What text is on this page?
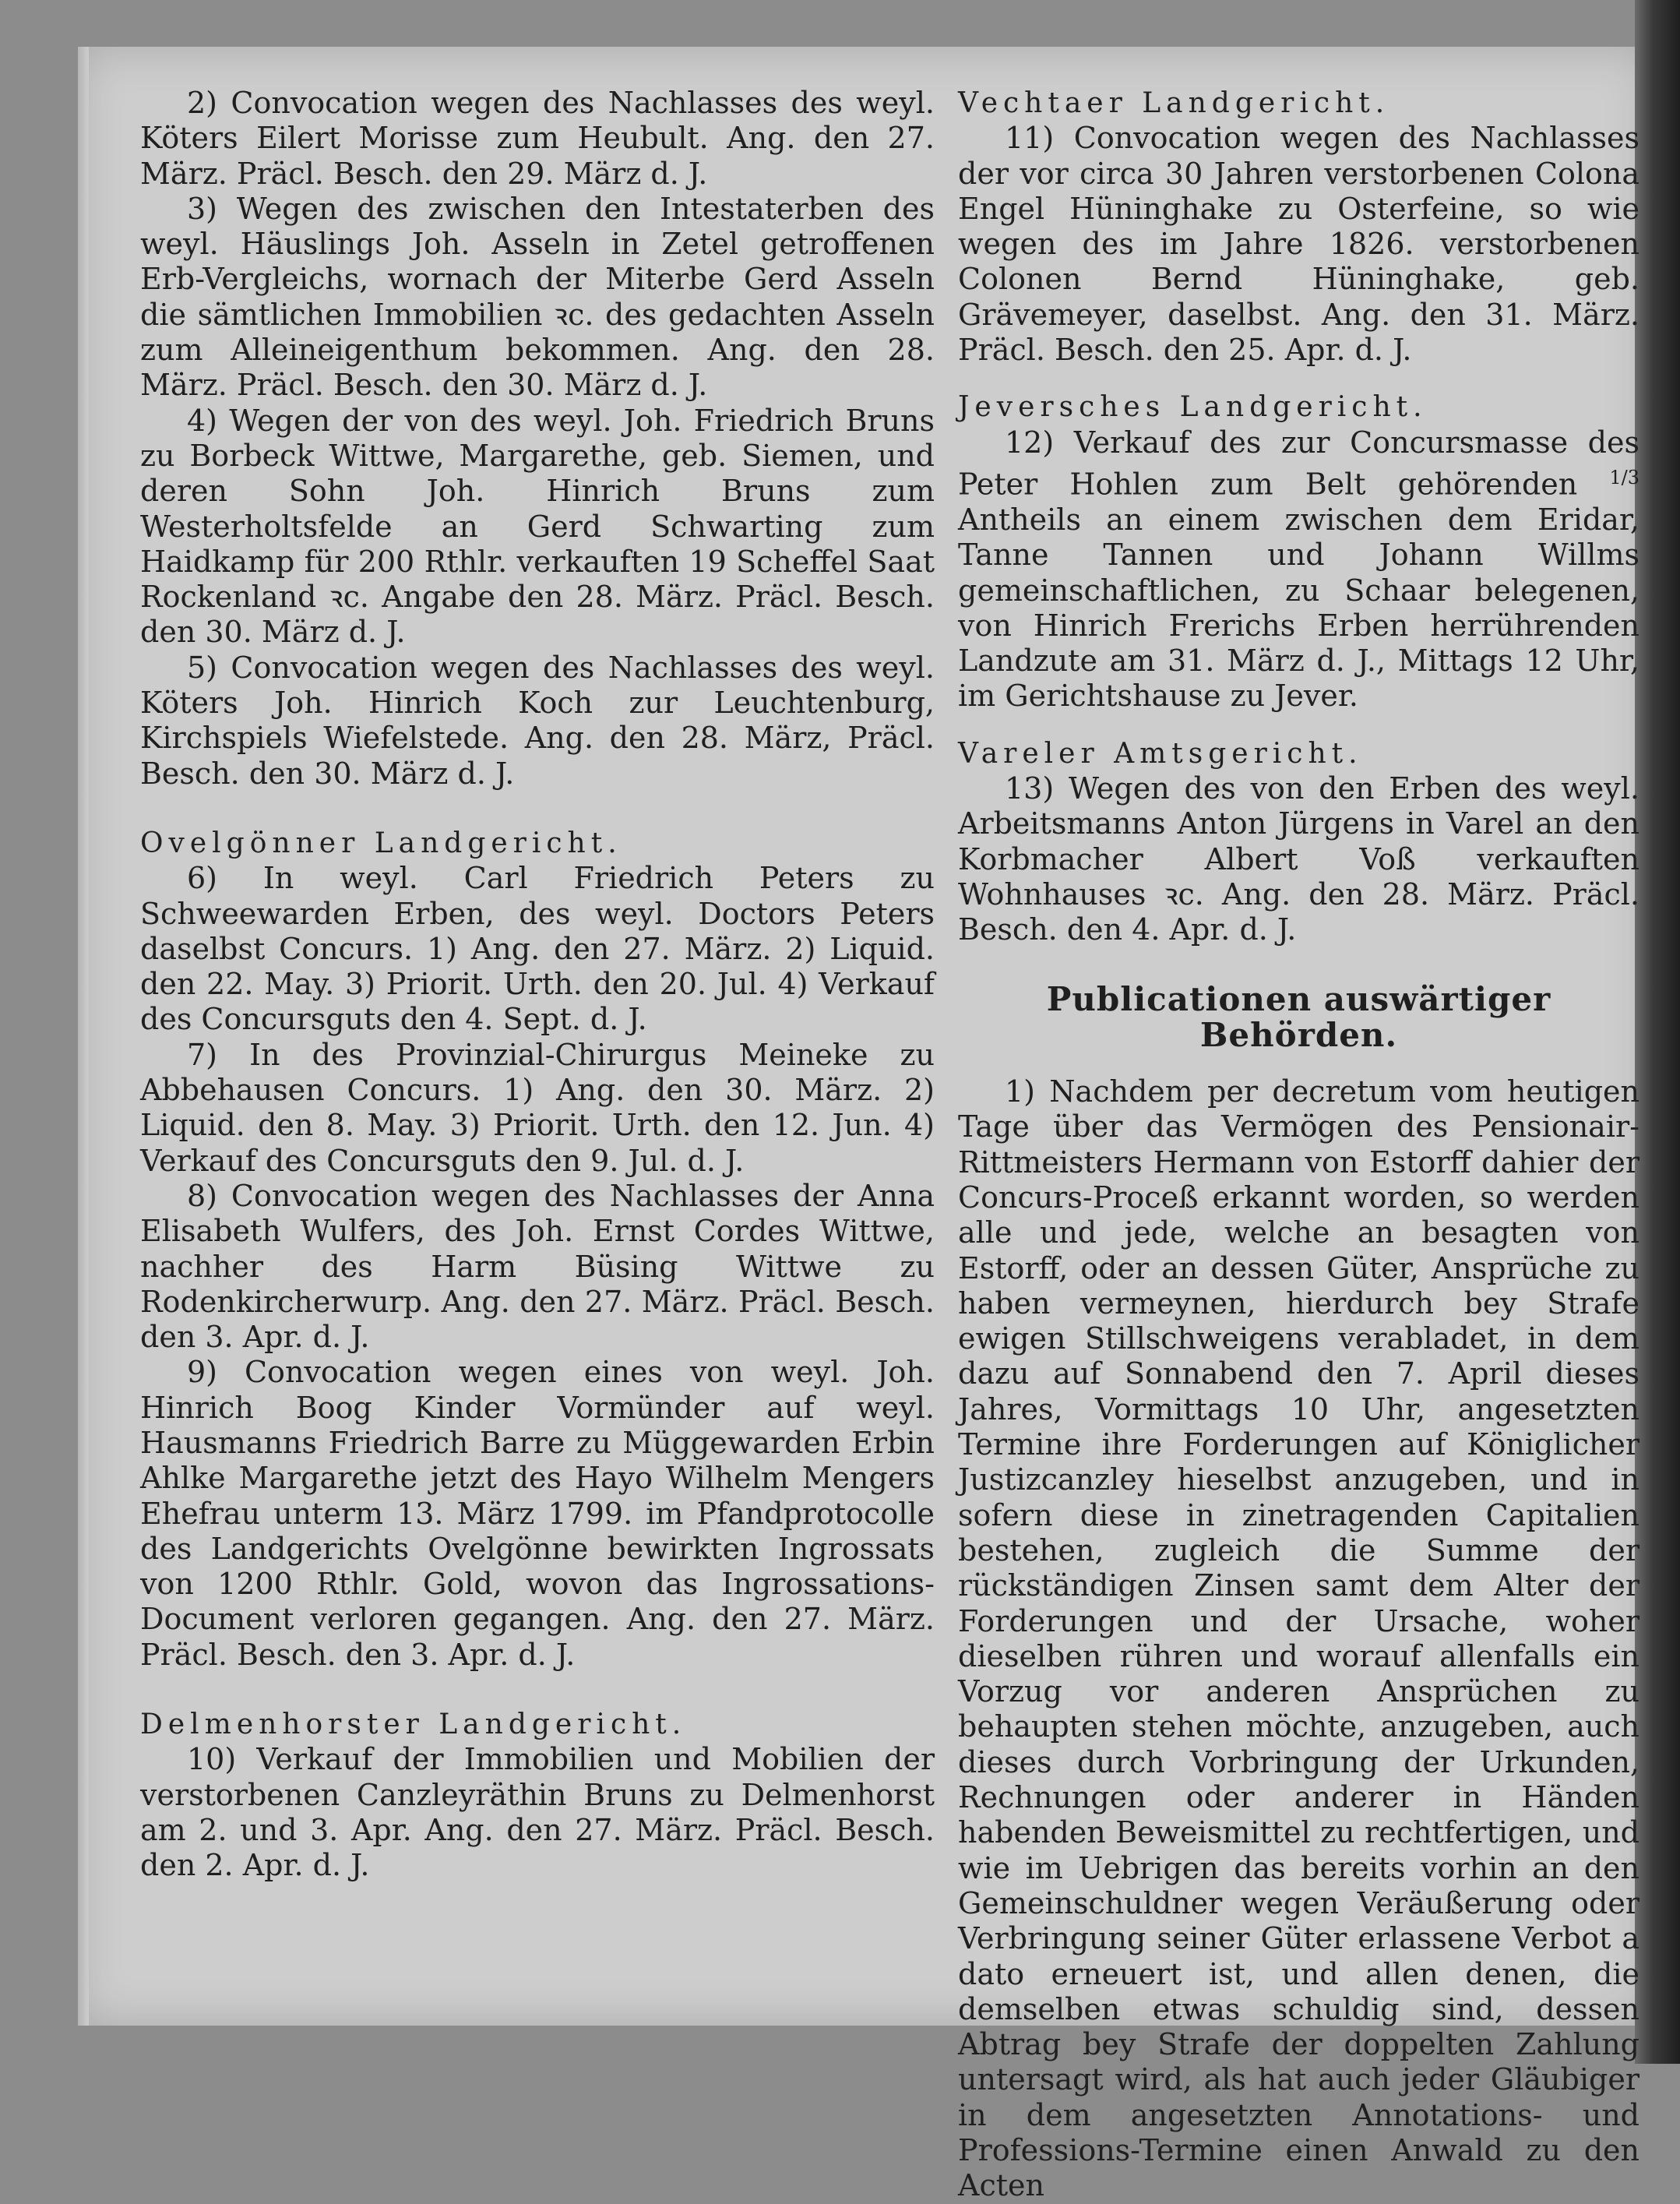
2) Convocation wegen des Nachlasses des weyl. Köters Eilert Morisse zum Heubult. Ang. den 27. März. Präcl. Besch. den 29. März d. J.

3) Wegen des zwischen den Intestaterben des weyl. Häuslings Joh. Asseln in Zetel getroffenen Erb-Vergleichs, wornach der Miterbe Gerd Asseln die sämtlichen Immobilien ꝛc. des gedachten Asseln zum Alleineigenthum bekommen. Ang. den 28. März. Präcl. Besch. den 30. März d. J.

4) Wegen der von des weyl. Joh. Friedrich Bruns zu Borbeck Wittwe, Margarethe, geb. Siemen, und deren Sohn Joh. Hinrich Bruns zum Westerholtsfelde an Gerd Schwarting zum Haidkamp für 200 Rthlr. verkauften 19 Scheffel Saat Rockenland ꝛc. Angabe den 28. März. Präcl. Besch. den 30. März d. J.

5) Convocation wegen des Nachlasses des weyl. Köters Joh. Hinrich Koch zur Leuchtenburg, Kirchspiels Wiefelstede. Ang. den 28. März, Präcl. Besch. den 30. März d. J.

Ovelgönner Landgericht.

6) In weyl. Carl Friedrich Peters zu Schweewarden Erben, des weyl. Doctors Peters daselbst Concurs. 1) Ang. den 27. März. 2) Liquid. den 22. May. 3) Priorit. Urth. den 20. Jul. 4) Verkauf des Concursguts den 4. Sept. d. J.

7) In des Provinzial-Chirurgus Meineke zu Abbehausen Concurs. 1) Ang. den 30. März. 2) Liquid. den 8. May. 3) Priorit. Urth. den 12. Jun. 4) Verkauf des Concursguts den 9. Jul. d. J.

8) Convocation wegen des Nachlasses der Anna Elisabeth Wulfers, des Joh. Ernst Cordes Wittwe, nachher des Harm Büsing Wittwe zu Rodenkircherwurp. Ang. den 27. März. Präcl. Besch. den 3. Apr. d. J.

9) Convocation wegen eines von weyl. Joh. Hinrich Boog Kinder Vormünder auf weyl. Hausmanns Friedrich Barre zu Müggewarden Erbin Ahlke Margarethe jetzt des Hayo Wilhelm Mengers Ehefrau unterm 13. März 1799. im Pfandprotocolle des Landgerichts Ovelgönne bewirkten Ingrossats von 1200 Rthlr. Gold, wovon das Ingrossations-Document verloren gegangen. Ang. den 27. März. Präcl. Besch. den 3. Apr. d. J.

Delmenhorster Landgericht.

10) Verkauf der Immobilien und Mobilien der verstorbenen Canzleyräthin Bruns zu Delmenhorst am 2. und 3. Apr. Ang. den 27. März. Präcl. Besch. den 2. Apr. d. J.

Vechtaer Landgericht.

11) Convocation wegen des Nachlasses der vor circa 30 Jahren verstorbenen Colona Engel Hüninghake zu Osterfeine, so wie wegen des im Jahre 1826. verstorbenen Colonen Bernd Hüninghake, geb. Grävemeyer, daselbst. Ang. den 31. März. Präcl. Besch. den 25. Apr. d. J.

Jeversches Landgericht.

12) Verkauf des zur Concursmasse des Peter Hohlen zum Belt gehörenden $^{1/3}$ Antheils an einem zwischen dem Eridar, Tanne Tannen und Johann Willms gemeinschaftlichen, zu Schaar belegenen, von Hinrich Frerichs Erben herrührenden Landzute am 31. März d. J., Mittags 12 Uhr, im Gerichtshause zu Jever.

Vareler Amtsgericht.

13) Wegen des von den Erben des weyl. Arbeitsmanns Anton Jürgens in Varel an den Korbmacher Albert Voß verkauften Wohnhauses ꝛc. Ang. den 28. März. Präcl. Besch. den 4. Apr. d. J.

Publicationen auswärtiger Behörden.

1) Nachdem per decretum vom heutigen Tage über das Vermögen des Pensionair-Rittmeisters Hermann von Estorff dahier der Concurs-Proceß erkannt worden, so werden alle und jede, welche an besagten von Estorff, oder an dessen Güter, Ansprüche zu haben vermeynen, hierdurch bey Strafe ewigen Stillschweigens verabladet, in dem dazu auf Sonnabend den 7. April dieses Jahres, Vormittags 10 Uhr, angesetzten Termine ihre Forderungen auf Königlicher Justizcanzley hieselbst anzugeben, und in sofern diese in zinetragenden Capitalien bestehen, zugleich die Summe der rückständigen Zinsen samt dem Alter der Forderungen und der Ursache, woher dieselben rühren und worauf allenfalls ein Vorzug vor anderen Ansprüchen zu behaupten stehen möchte, anzugeben, auch dieses durch Vorbringung der Urkunden, Rechnungen oder anderer in Händen habenden Beweismittel zu rechtfertigen, und wie im Uebrigen das bereits vorhin an den Gemeinschuldner wegen Veräußerung oder Verbringung seiner Güter erlassene Verbot a dato erneuert ist, und allen denen, die demselben etwas schuldig sind, dessen Abtrag bey Strafe der doppelten Zahlung untersagt wird, als hat auch jeder Gläubiger in dem angesetzten Annotations- und Professions-Termine einen Anwald zu den Acten
